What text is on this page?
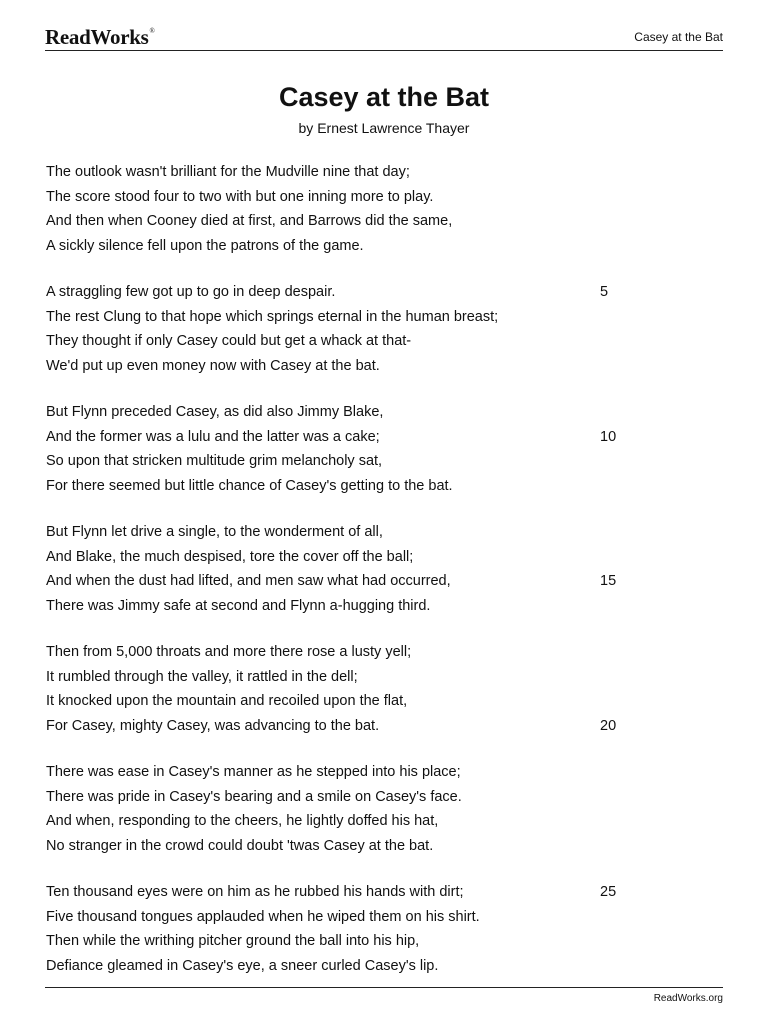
ReadWorks®	Casey at the Bat
Casey at the Bat
by Ernest Lawrence Thayer
The outlook wasn't brilliant for the Mudville nine that day;
The score stood four to two with but one inning more to play.
And then when Cooney died at first, and Barrows did the same,
A sickly silence fell upon the patrons of the game.
A straggling few got up to go in deep despair.	5
The rest Clung to that hope which springs eternal in the human breast;
They thought if only Casey could but get a whack at that-
We'd put up even money now with Casey at the bat.
But Flynn preceded Casey, as did also Jimmy Blake,
And the former was a lulu and the latter was a cake;	10
So upon that stricken multitude grim melancholy sat,
For there seemed but little chance of Casey's getting to the bat.
But Flynn let drive a single, to the wonderment of all,
And Blake, the much despised, tore the cover off the ball;
And when the dust had lifted, and men saw what had occurred,	15
There was Jimmy safe at second and Flynn a-hugging third.
Then from 5,000 throats and more there rose a lusty yell;
It rumbled through the valley, it rattled in the dell;
It knocked upon the mountain and recoiled upon the flat,
For Casey, mighty Casey, was advancing to the bat.	20
There was ease in Casey's manner as he stepped into his place;
There was pride in Casey's bearing and a smile on Casey's face.
And when, responding to the cheers, he lightly doffed his hat,
No stranger in the crowd could doubt 'twas Casey at the bat.
Ten thousand eyes were on him as he rubbed his hands with dirt;	25
Five thousand tongues applauded when he wiped them on his shirt.
Then while the writhing pitcher ground the ball into his hip,
Defiance gleamed in Casey's eye, a sneer curled Casey's lip.
ReadWorks.org
